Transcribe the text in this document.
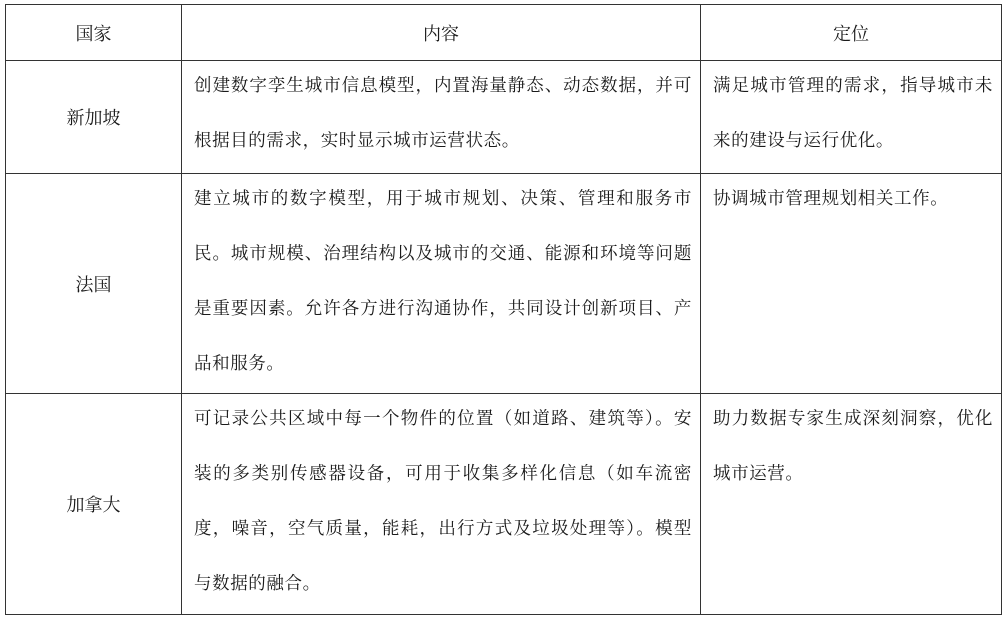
国家	内容	定位
新加坡	创建数字孪生城市信息模型，内置海量静态、动态数据，并可根据目的需求，实时显示城市运营状态。	满足城市管理的需求，指导城市未来的建设与运行优化。

法国	建立城市的数字模型，用于城市规划、决策、管理和服务市民。城市规模、治理结构以及城市的交通、能源和环境等问题是重要因素。允许各方进行沟通协作，共同设计创新项目、产品和服务。	协调城市管理规划相关工作。

加拿大	可记录公共区域中每一个物件的位置（如道路、建筑等）。安装的多类别传感器设备，可用于收集多样化信息（如车流密度，噪音，空气质量，能耗，出行方式及垃圾处理等）。模型与数据的融合。	助力数据专家生成深刻洞察，优化城市运营。
